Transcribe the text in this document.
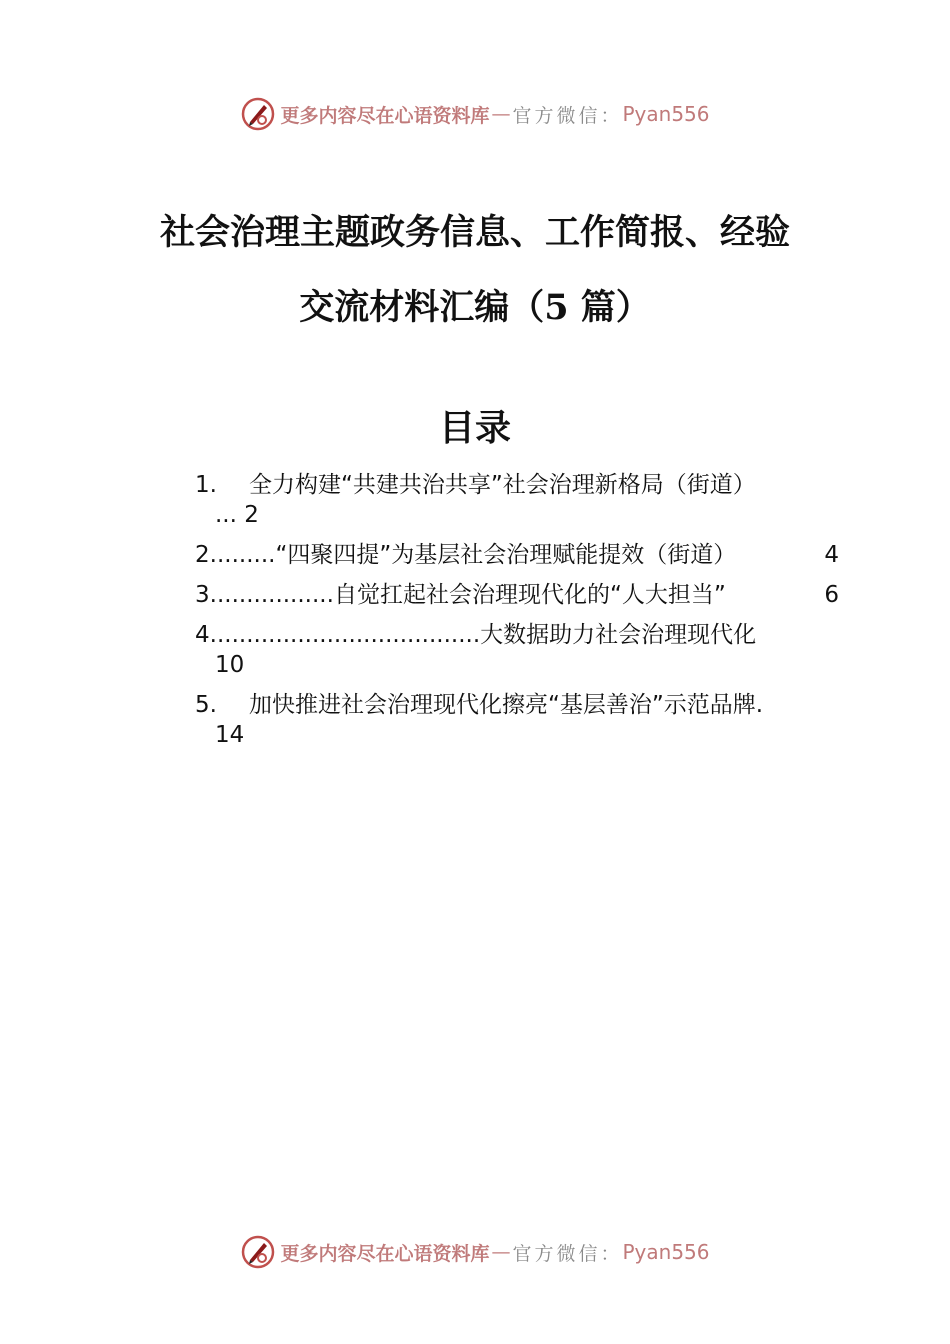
更多内容尽在心语资料库 — 官方微信： Pyan556
社会治理主题政务信息、工作简报、经验
交流材料汇编（5 篇）
目录
1. 全力构建“共建共治共享”社会治理新格局（街道）
... 2
2.........“四聚四提”为基层社会治理赋能提效（街道）	4
3.................自觉扛起社会治理现代化的“人大担当”	6
4.....................................大数据助力社会治理现代化
10
5. 加快推进社会治理现代化擦亮“基层善治”示范品牌.
14
更多内容尽在心语资料库 — 官方微信： Pyan556
